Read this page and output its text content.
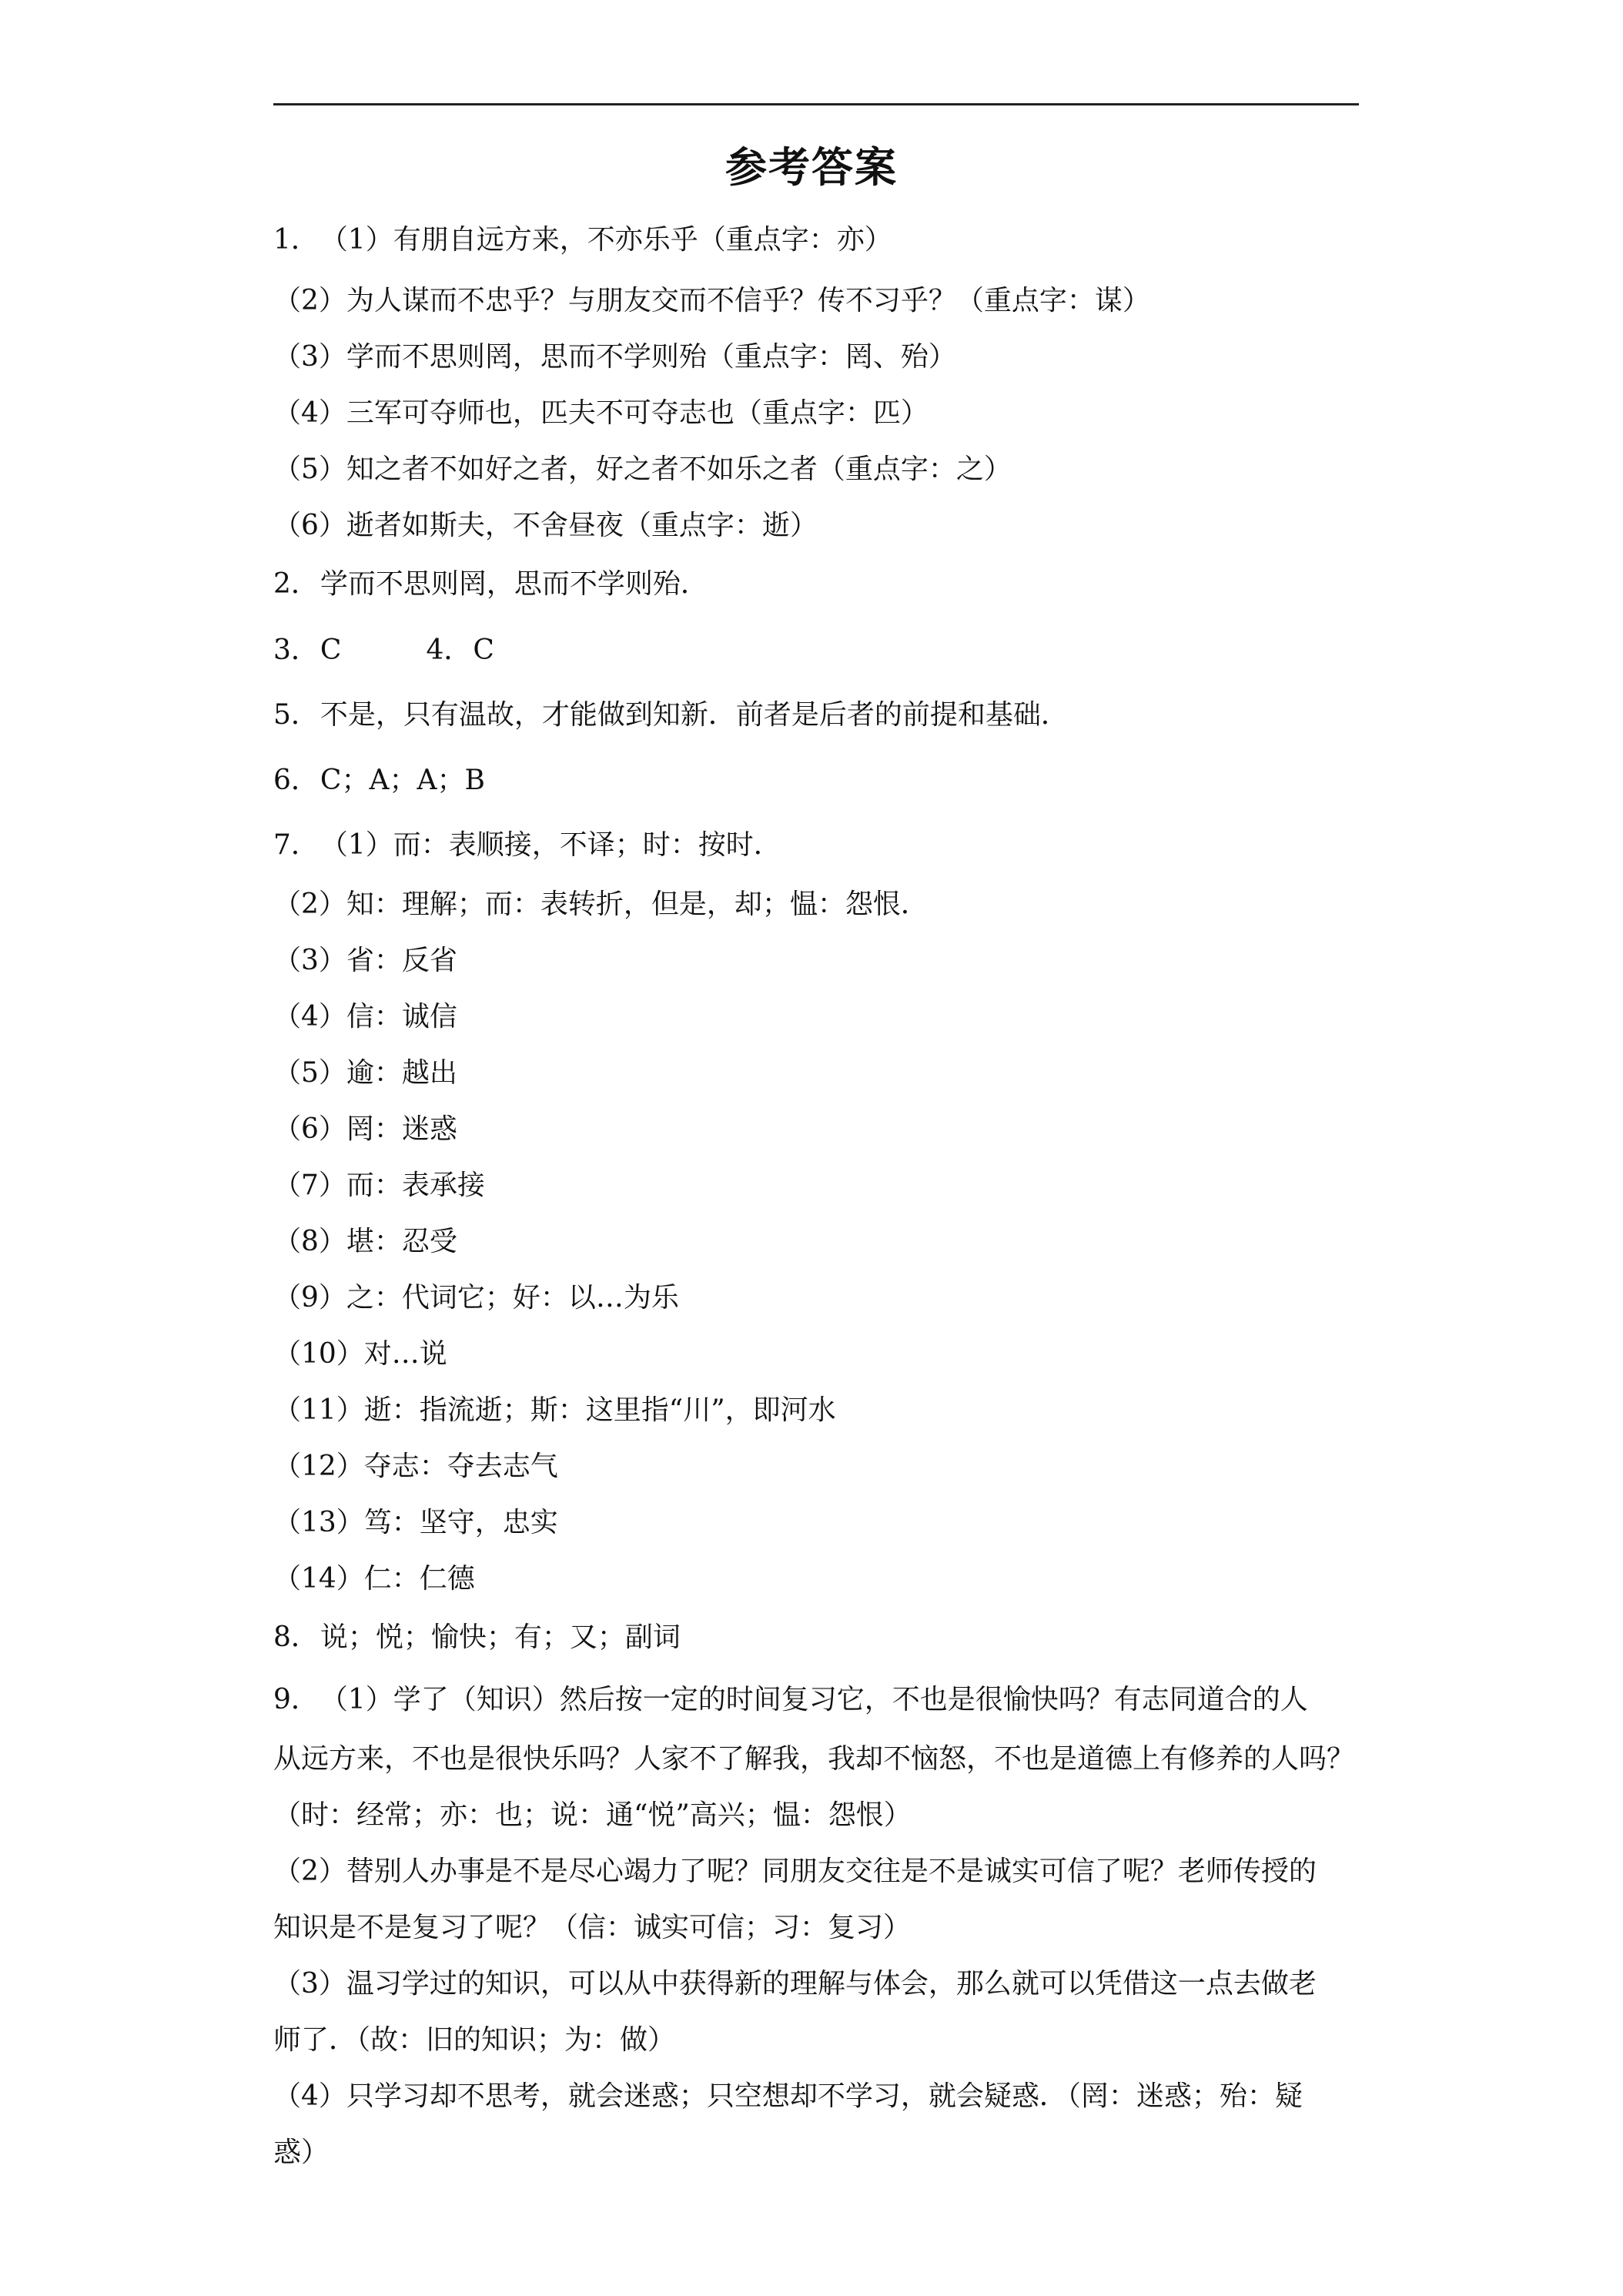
参考答案
1．（1）有朋自远方来，不亦乐乎（重点字：亦）
（2）为人谋而不忠乎？与朋友交而不信乎？传不习乎？（重点字：谋）
（3）学而不思则罔，思而不学则殆（重点字：罔、殆）
（4）三军可夺师也，匹夫不可夺志也（重点字：匹）
（5）知之者不如好之者，好之者不如乐之者（重点字：之）
（6）逝者如斯夫，不舍昼夜（重点字：逝）
2．学而不思则罔，思而不学则殆．
3．C	4．C
5．不是，只有温故，才能做到知新．前者是后者的前提和基础．
6．C；A；A；B
7．（1）而：表顺接，不译；时：按时．
（2）知：理解；而：表转折，但是，却；愠：怨恨．
（3）省：反省
（4）信：诚信
（5）逾：越出
（6）罔：迷惑
（7）而：表承接
（8）堪：忍受
（9）之：代词它；好：以…为乐
（10）对…说
（11）逝：指流逝；斯：这里指“川”，即河水
（12）夺志：夺去志气
（13）笃：坚守，忠实
（14）仁：仁德
8．说；悦；愉快；有；又；副词
9．（1）学了（知识）然后按一定的时间复习它，不也是很愉快吗？有志同道合的人
从远方来，不也是很快乐吗？人家不了解我，我却不恼怒，不也是道德上有修养的人吗？
（时：经常；亦：也；说：通“悦”高兴；愠：怨恨）
（2）替别人办事是不是尽心竭力了呢？同朋友交往是不是诚实可信了呢？老师传授的
知识是不是复习了呢？（信：诚实可信；习：复习）
（3）温习学过的知识，可以从中获得新的理解与体会，那么就可以凭借这一点去做老
师了．（故：旧的知识；为：做）
（4）只学习却不思考，就会迷惑；只空想却不学习，就会疑惑．（罔：迷惑；殆：疑
惑）
